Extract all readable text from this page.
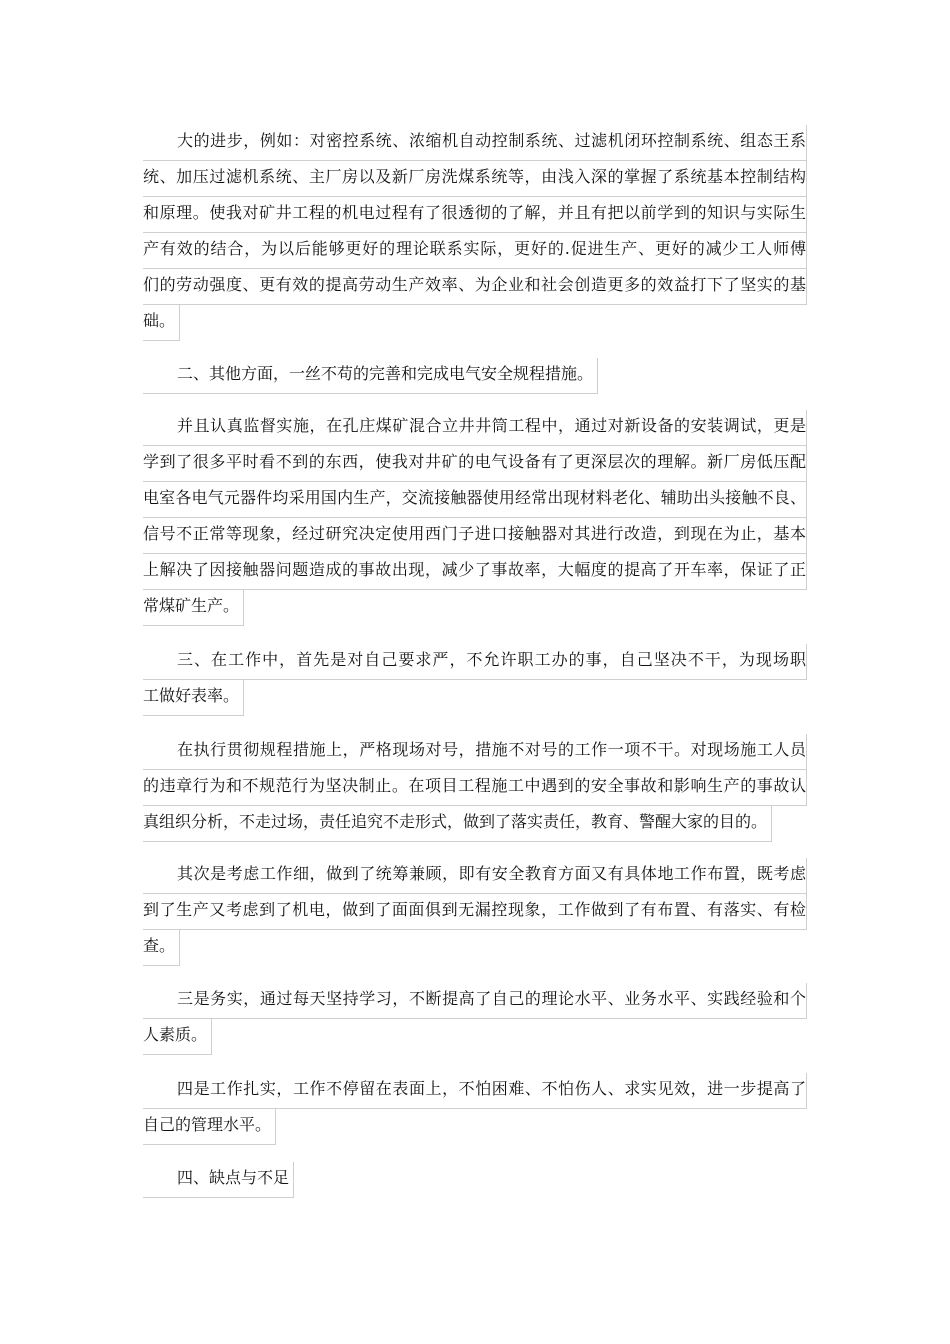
大的进步，例如：对密控系统、浓缩机自动控制系统、过滤机闭环控制系统、组态王系
统、加压过滤机系统、主厂房以及新厂房洗煤系统等，由浅入深的掌握了系统基本控制结构
和原理。使我对矿井工程的机电过程有了很透彻的了解，并且有把以前学到的知识与实际生
产有效的结合，为以后能够更好的理论联系实际，更好的.促进生产、更好的减少工人师傅
们的劳动强度、更有效的提高劳动生产效率、为企业和社会创造更多的效益打下了坚实的基
础。
二、其他方面，一丝不苟的完善和完成电气安全规程措施。
并且认真监督实施，在孔庄煤矿混合立井井筒工程中，通过对新设备的安装调试，更是
学到了很多平时看不到的东西，使我对井矿的电气设备有了更深层次的理解。新厂房低压配
电室各电气元器件均采用国内生产，交流接触器使用经常出现材料老化、辅助出头接触不良、
信号不正常等现象，经过研究决定使用西门子进口接触器对其进行改造，到现在为止，基本
上解决了因接触器问题造成的事故出现，减少了事故率，大幅度的提高了开车率，保证了正
常煤矿生产。
三、在工作中，首先是对自己要求严，不允许职工办的事，自己坚决不干，为现场职
工做好表率。
在执行贯彻规程措施上，严格现场对号，措施不对号的工作一项不干。对现场施工人员
的违章行为和不规范行为坚决制止。在项目工程施工中遇到的安全事故和影响生产的事故认
真组织分析，不走过场，责任追究不走形式，做到了落实责任，教育、警醒大家的目的。
其次是考虑工作细，做到了统筹兼顾，即有安全教育方面又有具体地工作布置，既考虑
到了生产又考虑到了机电，做到了面面俱到无漏控现象，工作做到了有布置、有落实、有检
查。
三是务实，通过每天坚持学习，不断提高了自己的理论水平、业务水平、实践经验和个
人素质。
四是工作扎实，工作不停留在表面上，不怕困难、不怕伤人、求实见效，进一步提高了
自己的管理水平。
四、缺点与不足
